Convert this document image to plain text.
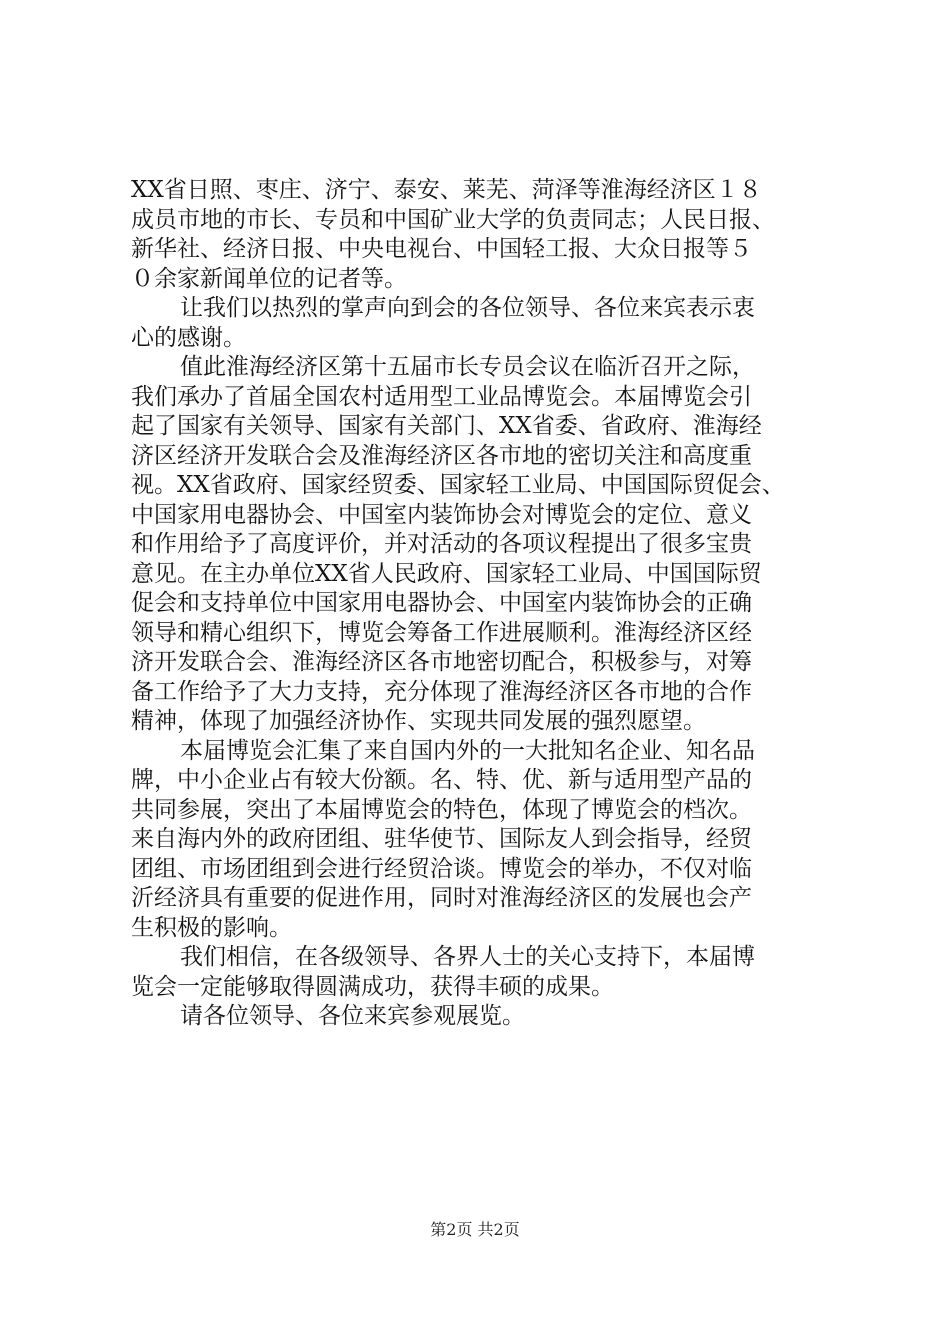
XX省日照、枣庄、济宁、泰安、莱芜、菏泽等淮海经济区１８
成员市地的市长、专员和中国矿业大学的负责同志；人民日报、
新华社、经济日报、中央电视台、中国轻工报、大众日报等５
０余家新闻单位的记者等。
让我们以热烈的掌声向到会的各位领导、各位来宾表示衷
心的感谢。
值此淮海经济区第十五届市长专员会议在临沂召开之际，
我们承办了首届全国农村适用型工业品博览会。本届博览会引
起了国家有关领导、国家有关部门、XX省委、省政府、淮海经
济区经济开发联合会及淮海经济区各市地的密切关注和高度重
视。XX省政府、国家经贸委、国家轻工业局、中国国际贸促会、
中国家用电器协会、中国室内装饰协会对博览会的定位、意义
和作用给予了高度评价，并对活动的各项议程提出了很多宝贵
意见。在主办单位XX省人民政府、国家轻工业局、中国国际贸
促会和支持单位中国家用电器协会、中国室内装饰协会的正确
领导和精心组织下，博览会筹备工作进展顺利。淮海经济区经
济开发联合会、淮海经济区各市地密切配合，积极参与，对筹
备工作给予了大力支持，充分体现了淮海经济区各市地的合作
精神，体现了加强经济协作、实现共同发展的强烈愿望。
本届博览会汇集了来自国内外的一大批知名企业、知名品
牌，中小企业占有较大份额。名、特、优、新与适用型产品的
共同参展，突出了本届博览会的特色，体现了博览会的档次。
来自海内外的政府团组、驻华使节、国际友人到会指导，经贸
团组、市场团组到会进行经贸洽谈。博览会的举办，不仅对临
沂经济具有重要的促进作用，同时对淮海经济区的发展也会产
生积极的影响。
我们相信，在各级领导、各界人士的关心支持下，本届博
览会一定能够取得圆满成功，获得丰硕的成果。
请各位领导、各位来宾参观展览。
第2页 共2页
